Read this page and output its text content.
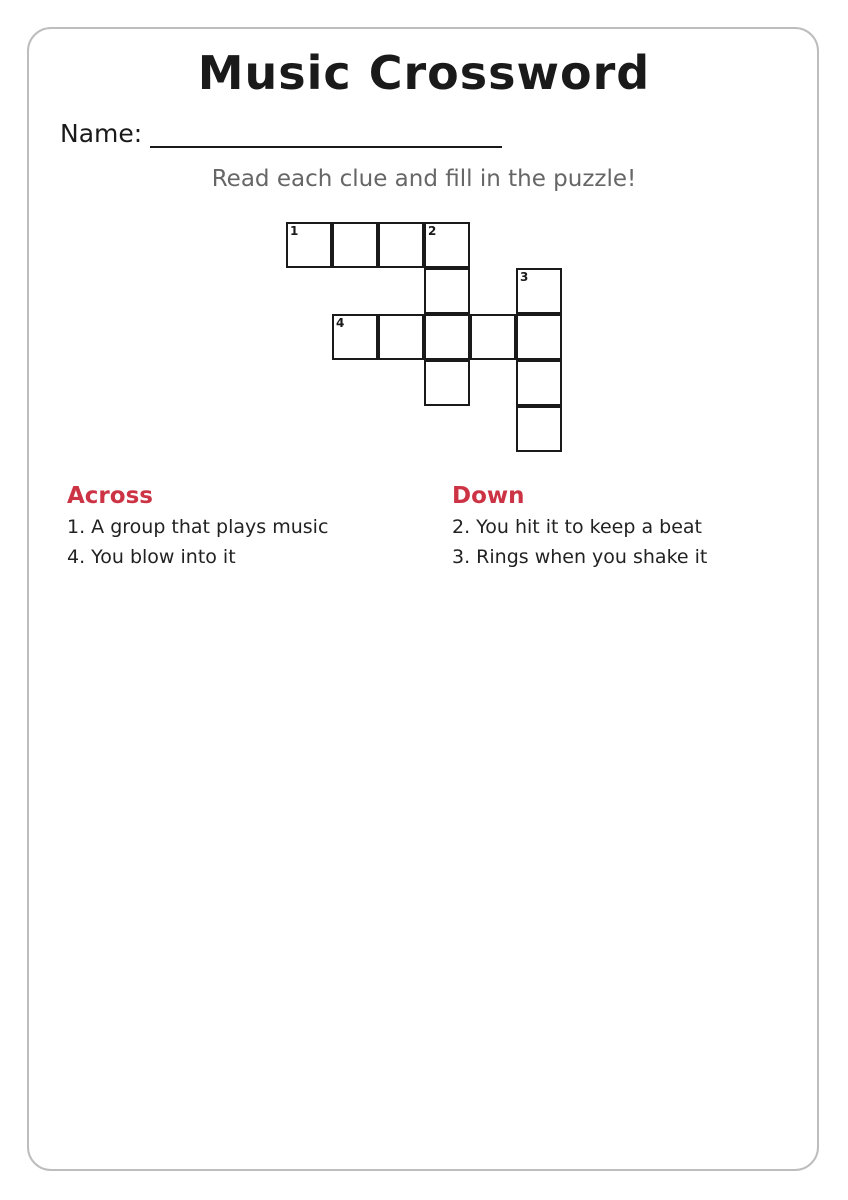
Music Crossword
Name:
Read each clue and fill in the puzzle!
1	2
3
4
Across
1. A group that plays music
4. You blow into it
Down
2. You hit it to keep a beat
3. Rings when you shake it
